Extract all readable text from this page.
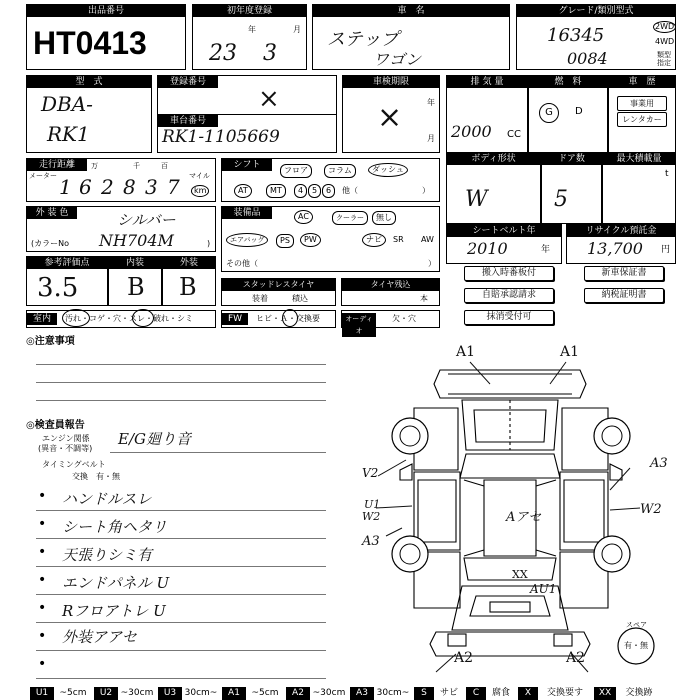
出品番号
HT0413
初年度登録
年	月
23 3
車　名
ステップ
ワゴン
グレード/類別型式
16345
0084
2WD
4WD
類型
指定
型　式
DBA-
RK1
登録番号
×
車検期限
年
月
×
車台番号
RK1-1105669
排 気 量
2000 CC
燃　料
G	D
車　歴
事業用
レンタカー
走行距離
メーター
万	千	百
マイル
km
1 6 2 8 3 7
シフト
フロア	コラム	ダッシュ
AT	MT	4	5	6	他（	）
ボディ形状
W
ドア数
5
最大積載量
t
外 装 色	シルバー
(カラーNo NH704M	)
装備品	AC	クーラー	無し
エアバッグ	PS	PW	ナビ	SR	AW
その他（	）
シートベルト年
2010	年
リサイクル預託金
13,700 円
参考評価点
3.5
内装
B
外装
B	スタッドレスタイヤ
装着	積込
タイヤ残込
本
搬入時番板付	新車保証書
自賠承認請求	納税証明書
抹消受付可
室内	汚れ・コゲ・穴・スレ・破れ・シミ	FW	ヒビ・Ａ・交換要	オーディオ
欠・穴
◎注意事項
◎検査員報告
エンジン関係
(異音・不調等)
E/G廻り音
タイミングベルト
交換　有・無
• ハンドルスレ
• シート角ヘタリ
• 天張りシミ有
• エンドパネル U
• Rフロアトレ U
• 外装アアセ
•
A1	A1
V2
A3
U1
W2
A3
W2
Aアセ
XX
AU1
A2	A2
スペア
有・無
U1	~5cm	U2 ~30cm	U3 30cm~	A1	~5cm	A2 ~30cm	A3 30cm~	S	サビ	C	腐食	X	交換要す	XX	交換跡
